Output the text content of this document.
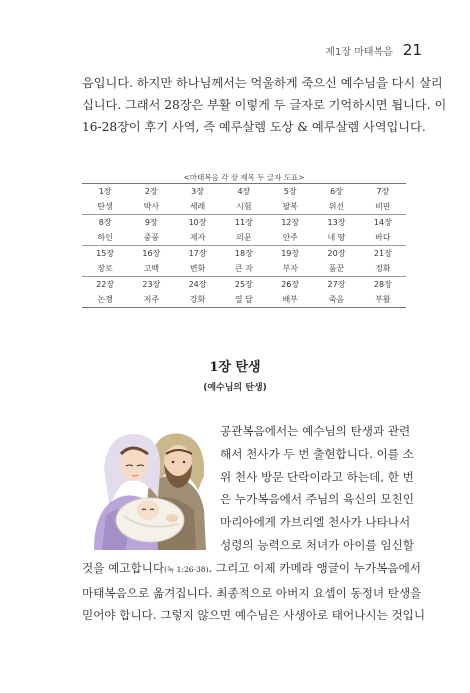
제1장 마태복음 21

음입니다. 하지만 하나님께서는 억울하게 죽으신 예수님을 다시 살리

십니다. 그래서 28장은 부활 이렇게 두 글자로 기억하시면 됩니다. 이

16-28장이 후기 사역, 즉 예루살렘 도상 & 예루살렘 사역입니다.

<마태복음 각 장 제목 두 글자 도표>
1장	2장	3장	4장	5장	6장	7장
탄생	박사	세례	시험	팔복	위선	비판
8장	9장	10장	11장	12장	13장	14장
하인	중풍	제자	의문	안주	네 땅	바다
15장	16장	17장	18장	19장	20장	21장
장로	고백	변화	큰 자	부자	품꾼	정화
22장	23장	24장	25장	26장	27장	28장
논쟁	저주	강화	열 달	배부	죽음	부활
1장 탄생
(예수님의 탄생)

공관복음에서는 예수님의 탄생과 관련

해서 천사가 두 번 출현합니다. 이를 소

위 천사 방문 단락이라고 하는데, 한 번

은 누가복음에서 주님의 육신의 모친인

마리아에게 가브리엘 천사가 나타나서

성령의 능력으로 처녀가 아이를 임신할

것을 예고합니다(눅 1:26-38). 그리고 이제 카메라 앵글이 누가복음에서

마태복음으로 옮겨집니다. 최종적으로 아버지 요셉이 동정녀 탄생을

믿어야 합니다. 그렇지 않으면 예수님은 사생아로 태어나시는 것입니
